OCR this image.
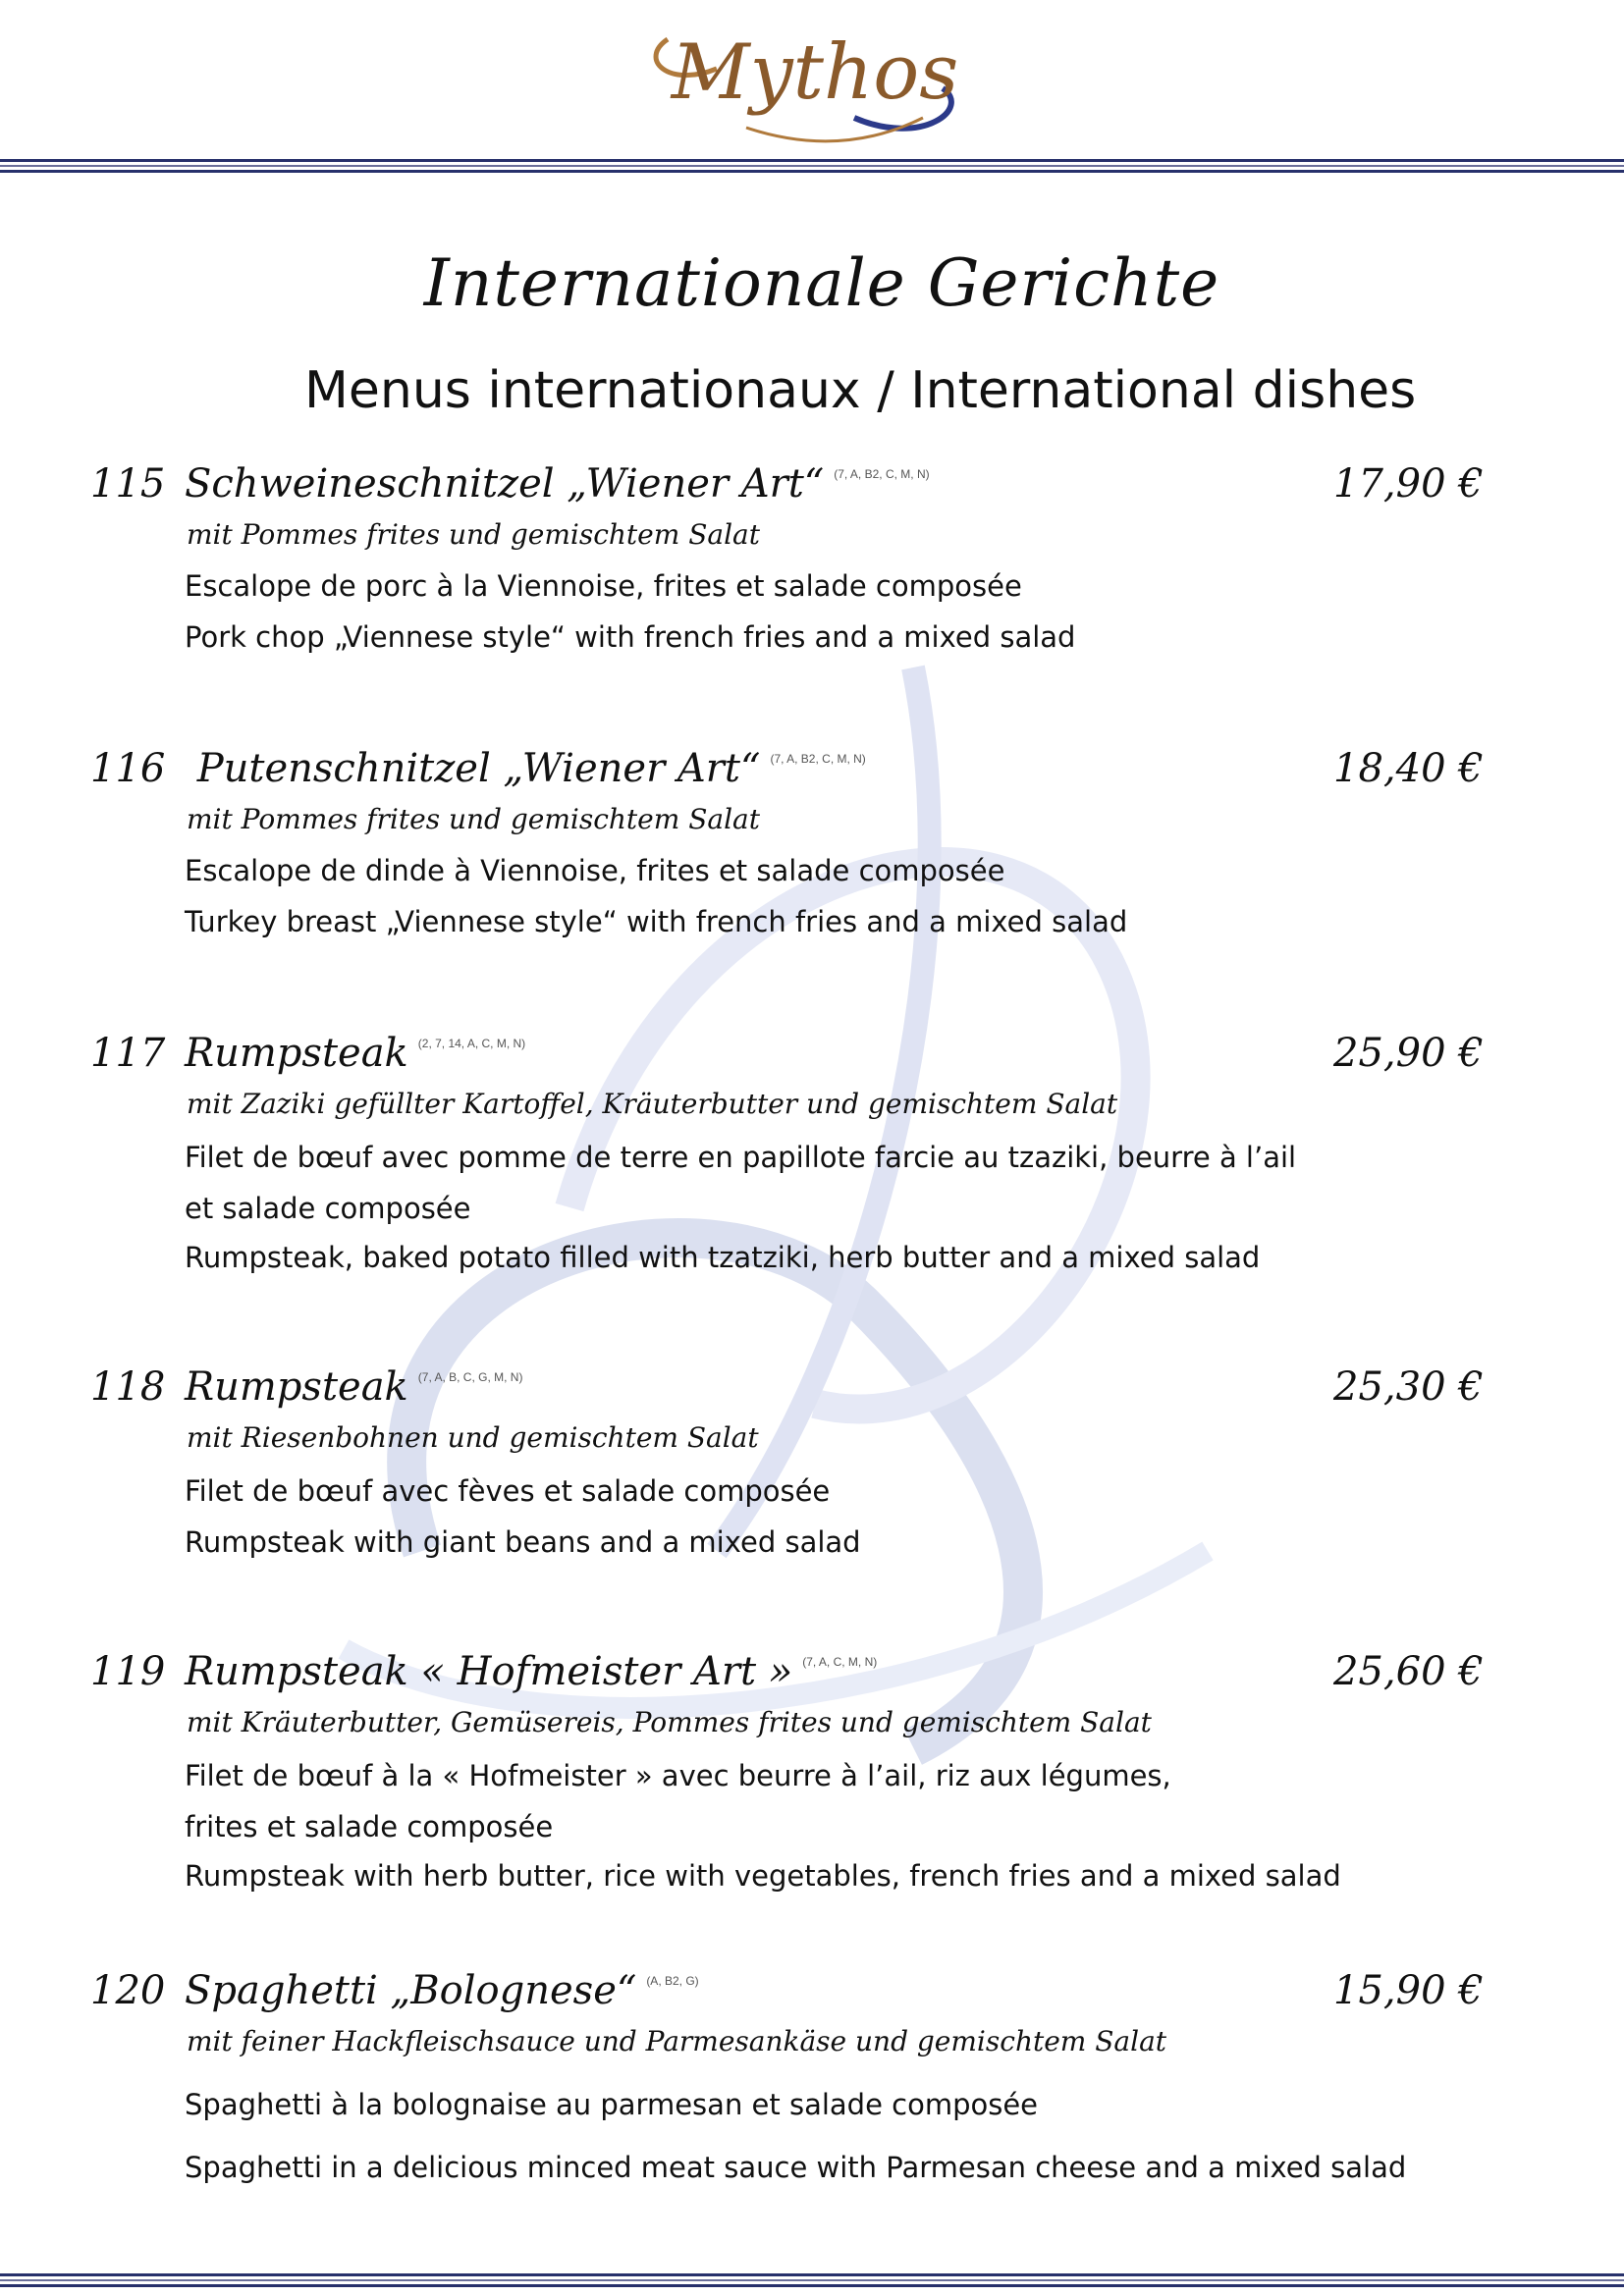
Mythos
Internationale Gerichte
Menus internationaux / International dishes
115 Schweineschnitzel „Wiener Art“ $^{(7, A, B2, C, M, N)}$	17,90 €
mit Pommes frites und gemischtem Salat
Escalope de porc à la Viennoise, frites et salade composée
Pork chop „Viennese style“ with french fries and a mixed salad
116 Putenschnitzel „Wiener Art“ $^{(7, A, B2, C, M, N)}$	18,40 €
mit Pommes frites und gemischtem Salat
Escalope de dinde à Viennoise, frites et salade composée
Turkey breast „Viennese style“ with french fries and a mixed salad
117 Rumpsteak $^{(2, 7, 14, A, C, M, N)}$	25,90 €
mit Zaziki gefüllter Kartoffel, Kräuterbutter und gemischtem Salat
Filet de bœuf avec pomme de terre en papillote farcie au tzaziki, beurre à l’ail
et salade composée
Rumpsteak, baked potato filled with tzatziki, herb butter and a mixed salad
118 Rumpsteak $^{(7, A, B, C, G, M, N)}$	25,30 €
mit Riesenbohnen und gemischtem Salat
Filet de bœuf avec fèves et salade composée
Rumpsteak with giant beans and a mixed salad
119 Rumpsteak « Hofmeister Art » $^{(7, A, C, M, N)}$	25,60 €
mit Kräuterbutter, Gemüsereis, Pommes frites und gemischtem Salat
Filet de bœuf à la « Hofmeister » avec beurre à l’ail, riz aux légumes,
frites et salade composée
Rumpsteak with herb butter, rice with vegetables, french fries and a mixed salad
120 Spaghetti „Bolognese“ $^{(A, B2, G)}$	15,90 €
mit feiner Hackfleischsauce und Parmesankäse und gemischtem Salat
Spaghetti à la bolognaise au parmesan et salade composée
Spaghetti in a delicious minced meat sauce with Parmesan cheese and a mixed salad
